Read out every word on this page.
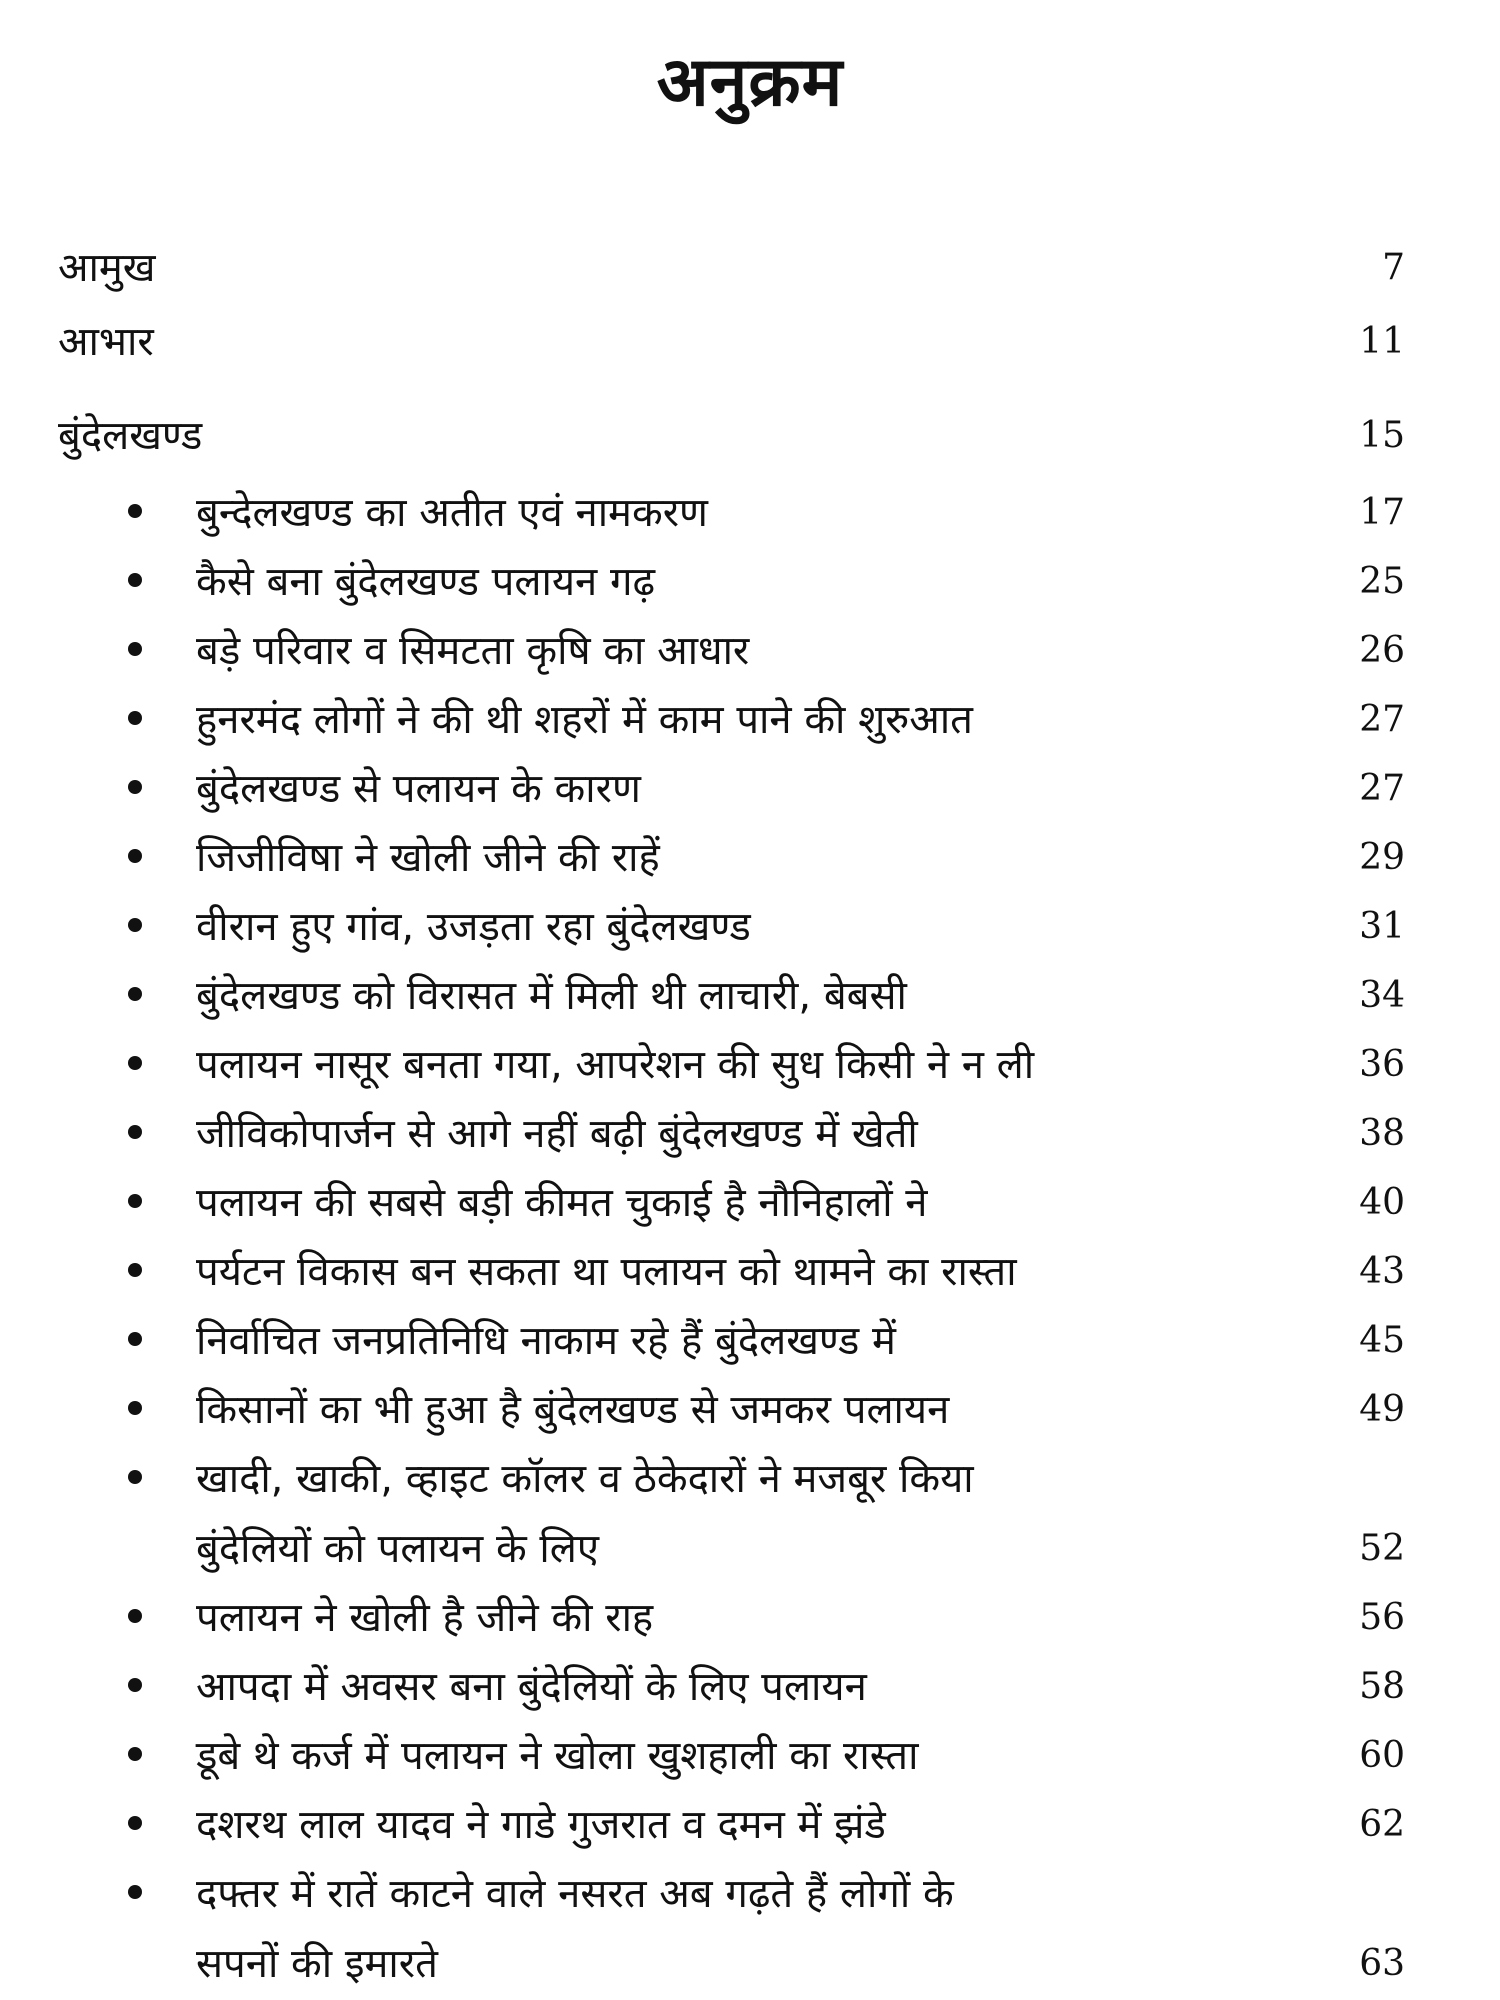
अनुक्रम
आमुख	7
आभार	11
बुंदेलखण्ड	15
बुन्देलखण्ड का अतीत एवं नामकरण	17
कैसे बना बुंदेलखण्ड पलायन गढ़	25
बड़े परिवार व सिमटता कृषि का आधार	26
हुनरमंद लोगों ने की थी शहरों में काम पाने की शुरुआत	27
बुंदेलखण्ड से पलायन के कारण	27
जिजीविषा ने खोली जीने की राहें	29
वीरान हुए गांव, उजड़ता रहा बुंदेलखण्ड	31
बुंदेलखण्ड को विरासत में मिली थी लाचारी, बेबसी	34
पलायन नासूर बनता गया, आपरेशन की सुध किसी ने न ली	36
जीविकोपार्जन से आगे नहीं बढ़ी बुंदेलखण्ड में खेती	38
पलायन की सबसे बड़ी कीमत चुकाई है नौनिहालों ने	40
पर्यटन विकास बन सकता था पलायन को थामने का रास्ता	43
निर्वाचित जनप्रतिनिधि नाकाम रहे हैं बुंदेलखण्ड में	45
किसानों का भी हुआ है बुंदेलखण्ड से जमकर पलायन	49
खादी, खाकी, व्हाइट कॉलर व ठेकेदारों ने मजबूर किया
बुंदेलियों को पलायन के लिए	52
पलायन ने खोली है जीने की राह	56
आपदा में अवसर बना बुंदेलियों के लिए पलायन	58
डूबे थे कर्ज में पलायन ने खोला खुशहाली का रास्ता	60
दशरथ लाल यादव ने गाडे गुजरात व दमन में झंडे	62
दफ्तर में रातें काटने वाले नसरत अब गढ़ते हैं लोगों के
सपनों की इमारते	63
